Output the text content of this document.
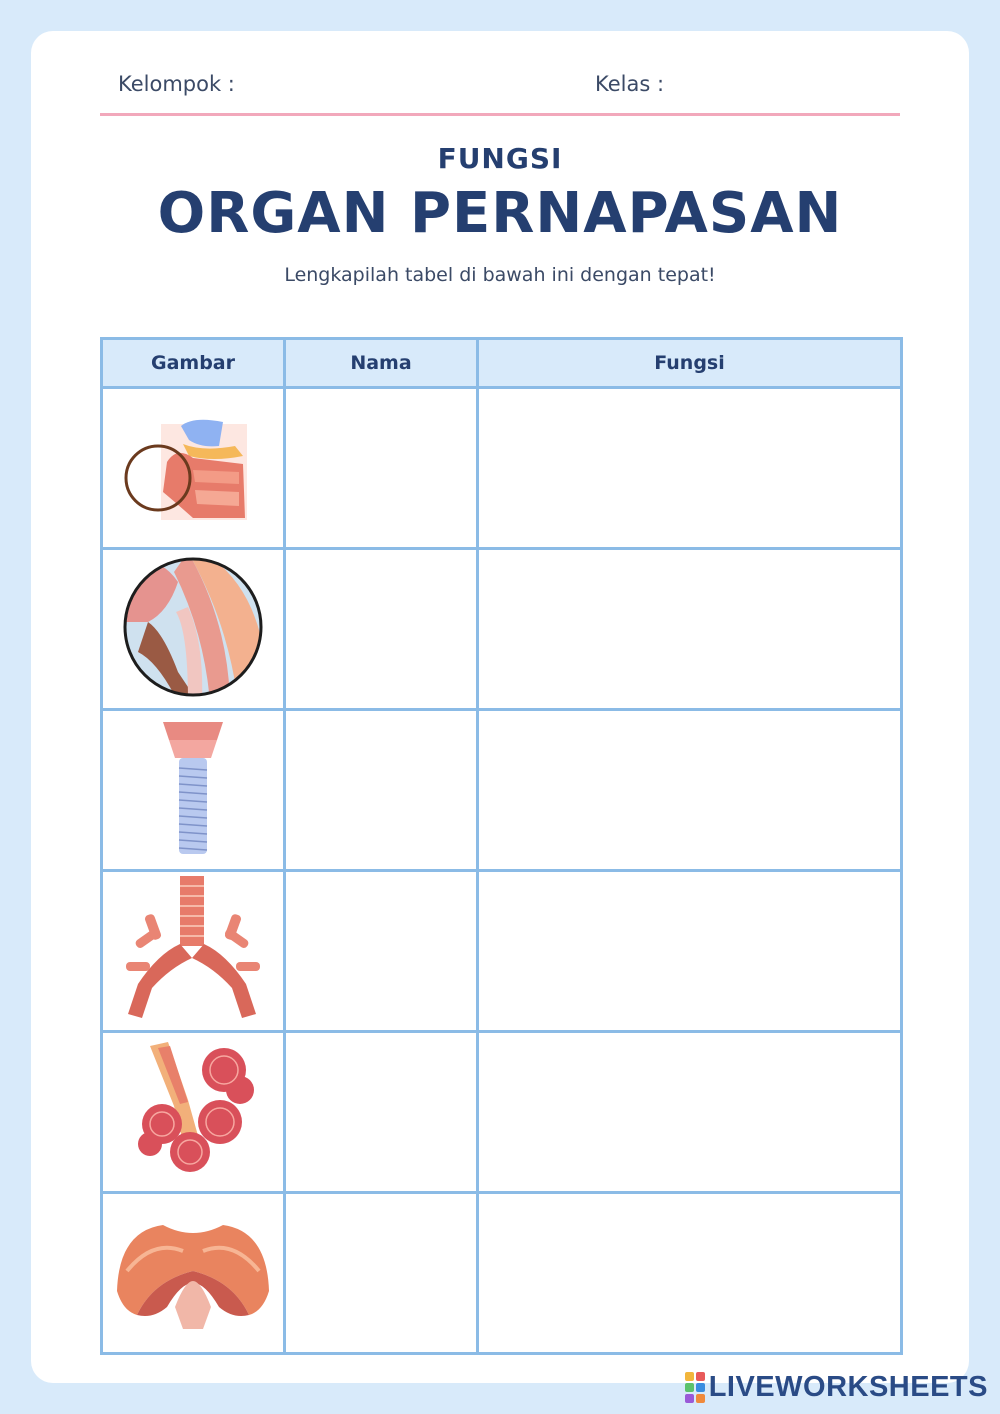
Kelompok :	Kelas :
FUNGSI
ORGAN PERNAPASAN
Lengkapilah tabel di bawah ini dengan tepat!
Gambar	Nama	Fungsi

LIVEWORKSHEETS
